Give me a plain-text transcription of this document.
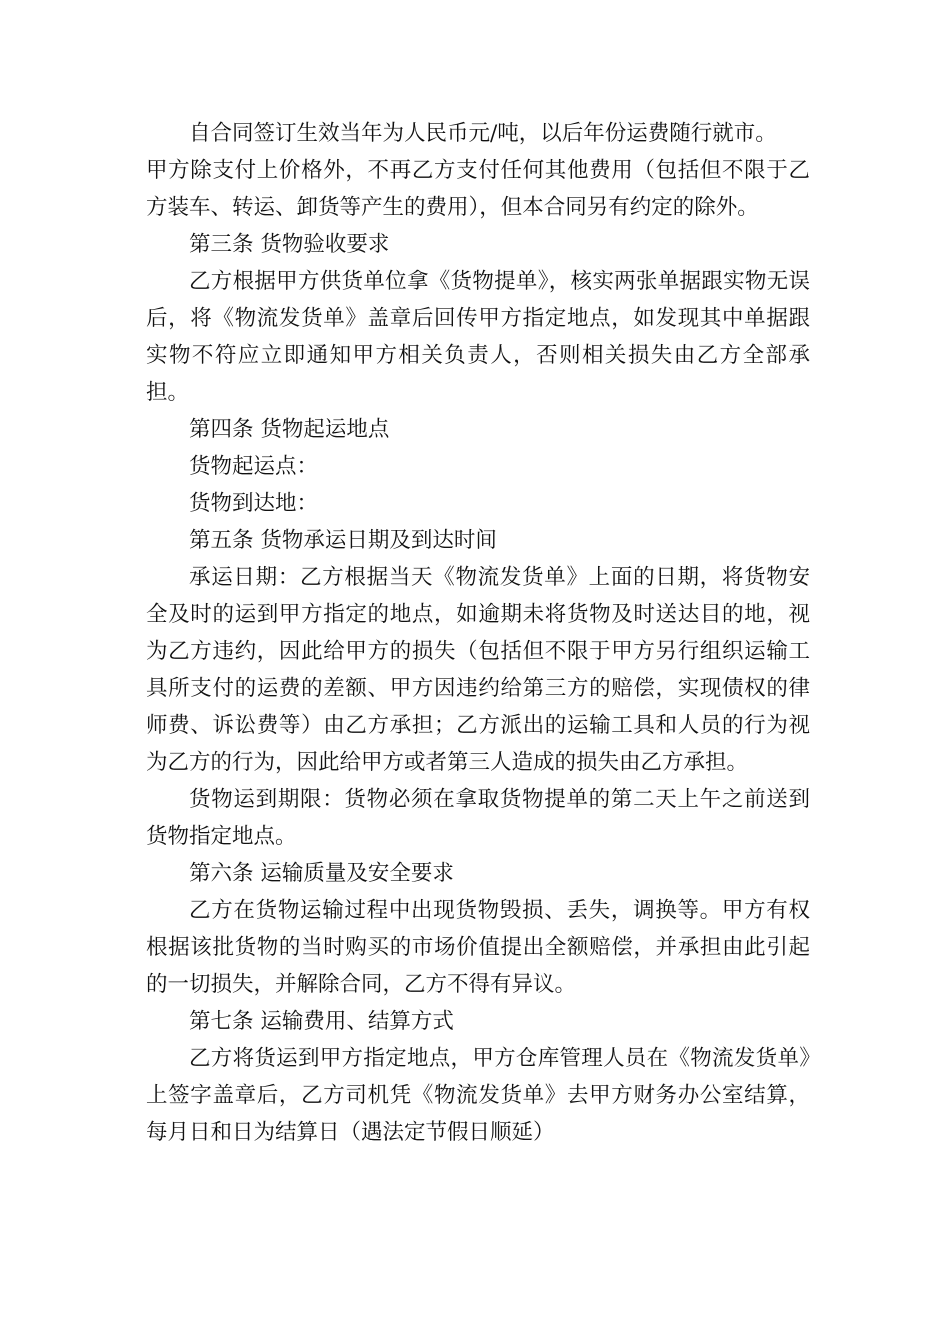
自合同签订生效当年为人民币元/吨，以后年份运费随行就市。

甲方除支付上价格外，不再乙方支付任何其他费用（包括但不限于乙方装车、转运、卸货等产生的费用），但本合同另有约定的除外。

第三条 货物验收要求

乙方根据甲方供货单位拿《货物提单》，核实两张单据跟实物无误后，将《物流发货单》盖章后回传甲方指定地点，如发现其中单据跟实物不符应立即通知甲方相关负责人，否则相关损失由乙方全部承担。

第四条 货物起运地点

货物起运点：

货物到达地：

第五条 货物承运日期及到达时间

承运日期：乙方根据当天《物流发货单》上面的日期，将货物安全及时的运到甲方指定的地点，如逾期未将货物及时送达目的地，视为乙方违约，因此给甲方的损失（包括但不限于甲方另行组织运输工具所支付的运费的差额、甲方因违约给第三方的赔偿，实现债权的律师费、诉讼费等）由乙方承担；乙方派出的运输工具和人员的行为视为乙方的行为，因此给甲方或者第三人造成的损失由乙方承担。

货物运到期限：货物必须在拿取货物提单的第二天上午之前送到货物指定地点。

第六条 运输质量及安全要求

乙方在货物运输过程中出现货物毁损、丢失，调换等。甲方有权根据该批货物的当时购买的市场价值提出全额赔偿，并承担由此引起的一切损失，并解除合同，乙方不得有异议。

第七条 运输费用、结算方式

乙方将货运到甲方指定地点，甲方仓库管理人员在《物流发货单》上签字盖章后，乙方司机凭《物流发货单》去甲方财务办公室结算，每月日和日为结算日（遇法定节假日顺延）
